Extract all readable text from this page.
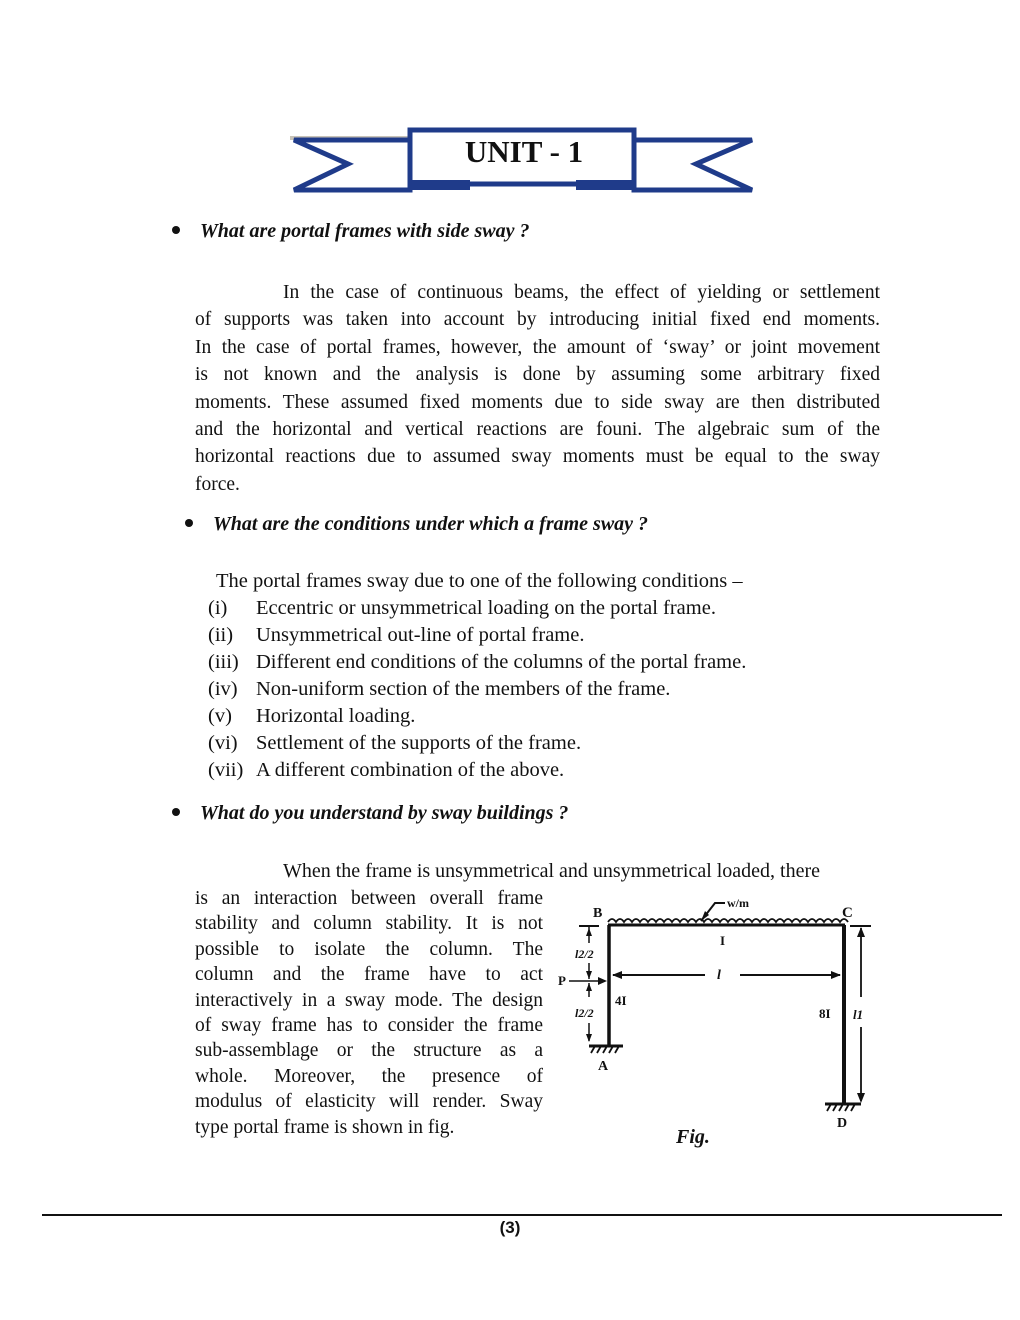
UNIT - 1
What are portal frames with side sway ?
In the case of continuous beams, the effect of yielding or settlement
of supports was taken into account by introducing initial fixed end moments.
In the case of portal frames, however, the amount of ‘sway’ or joint movement
is not known and the analysis is done by assuming some arbitrary fixed
moments. These assumed fixed moments due to side sway are then distributed
and the horizontal and vertical reactions are founi. The algebraic sum of the
horizontal reactions due to assumed sway moments must be equal to the sway
force.
What are the conditions under which a frame sway ?
The portal frames sway due to one of the following conditions –
(i)	Eccentric or unsymmetrical loading on the portal frame.
(ii)	Unsymmetrical out-line of portal frame.
(iii) Different end conditions of the columns of the portal frame.
(iv) Non-uniform section of the members of the frame.
(v)	Horizontal loading.
(vi) Settlement of the supports of the frame.
(vii) A different combination of the above.
What do you understand by sway buildings ?
When the frame is unsymmetrical and unsymmetrical loaded, there
is an interaction between overall frame
stability and column stability. It is not
possible to isolate the column. The
column and the frame have to act
interactively in a sway mode. The design
of sway frame has to consider the frame
sub-assemblage or the structure as a
whole. Moreover, the presence of
modulus of elasticity will render. Sway
type portal frame is shown in fig.
w/m
B	C
A
D
I
4I
8I
l
l2/2
l2/2
P
l1
Fig.
(3)
